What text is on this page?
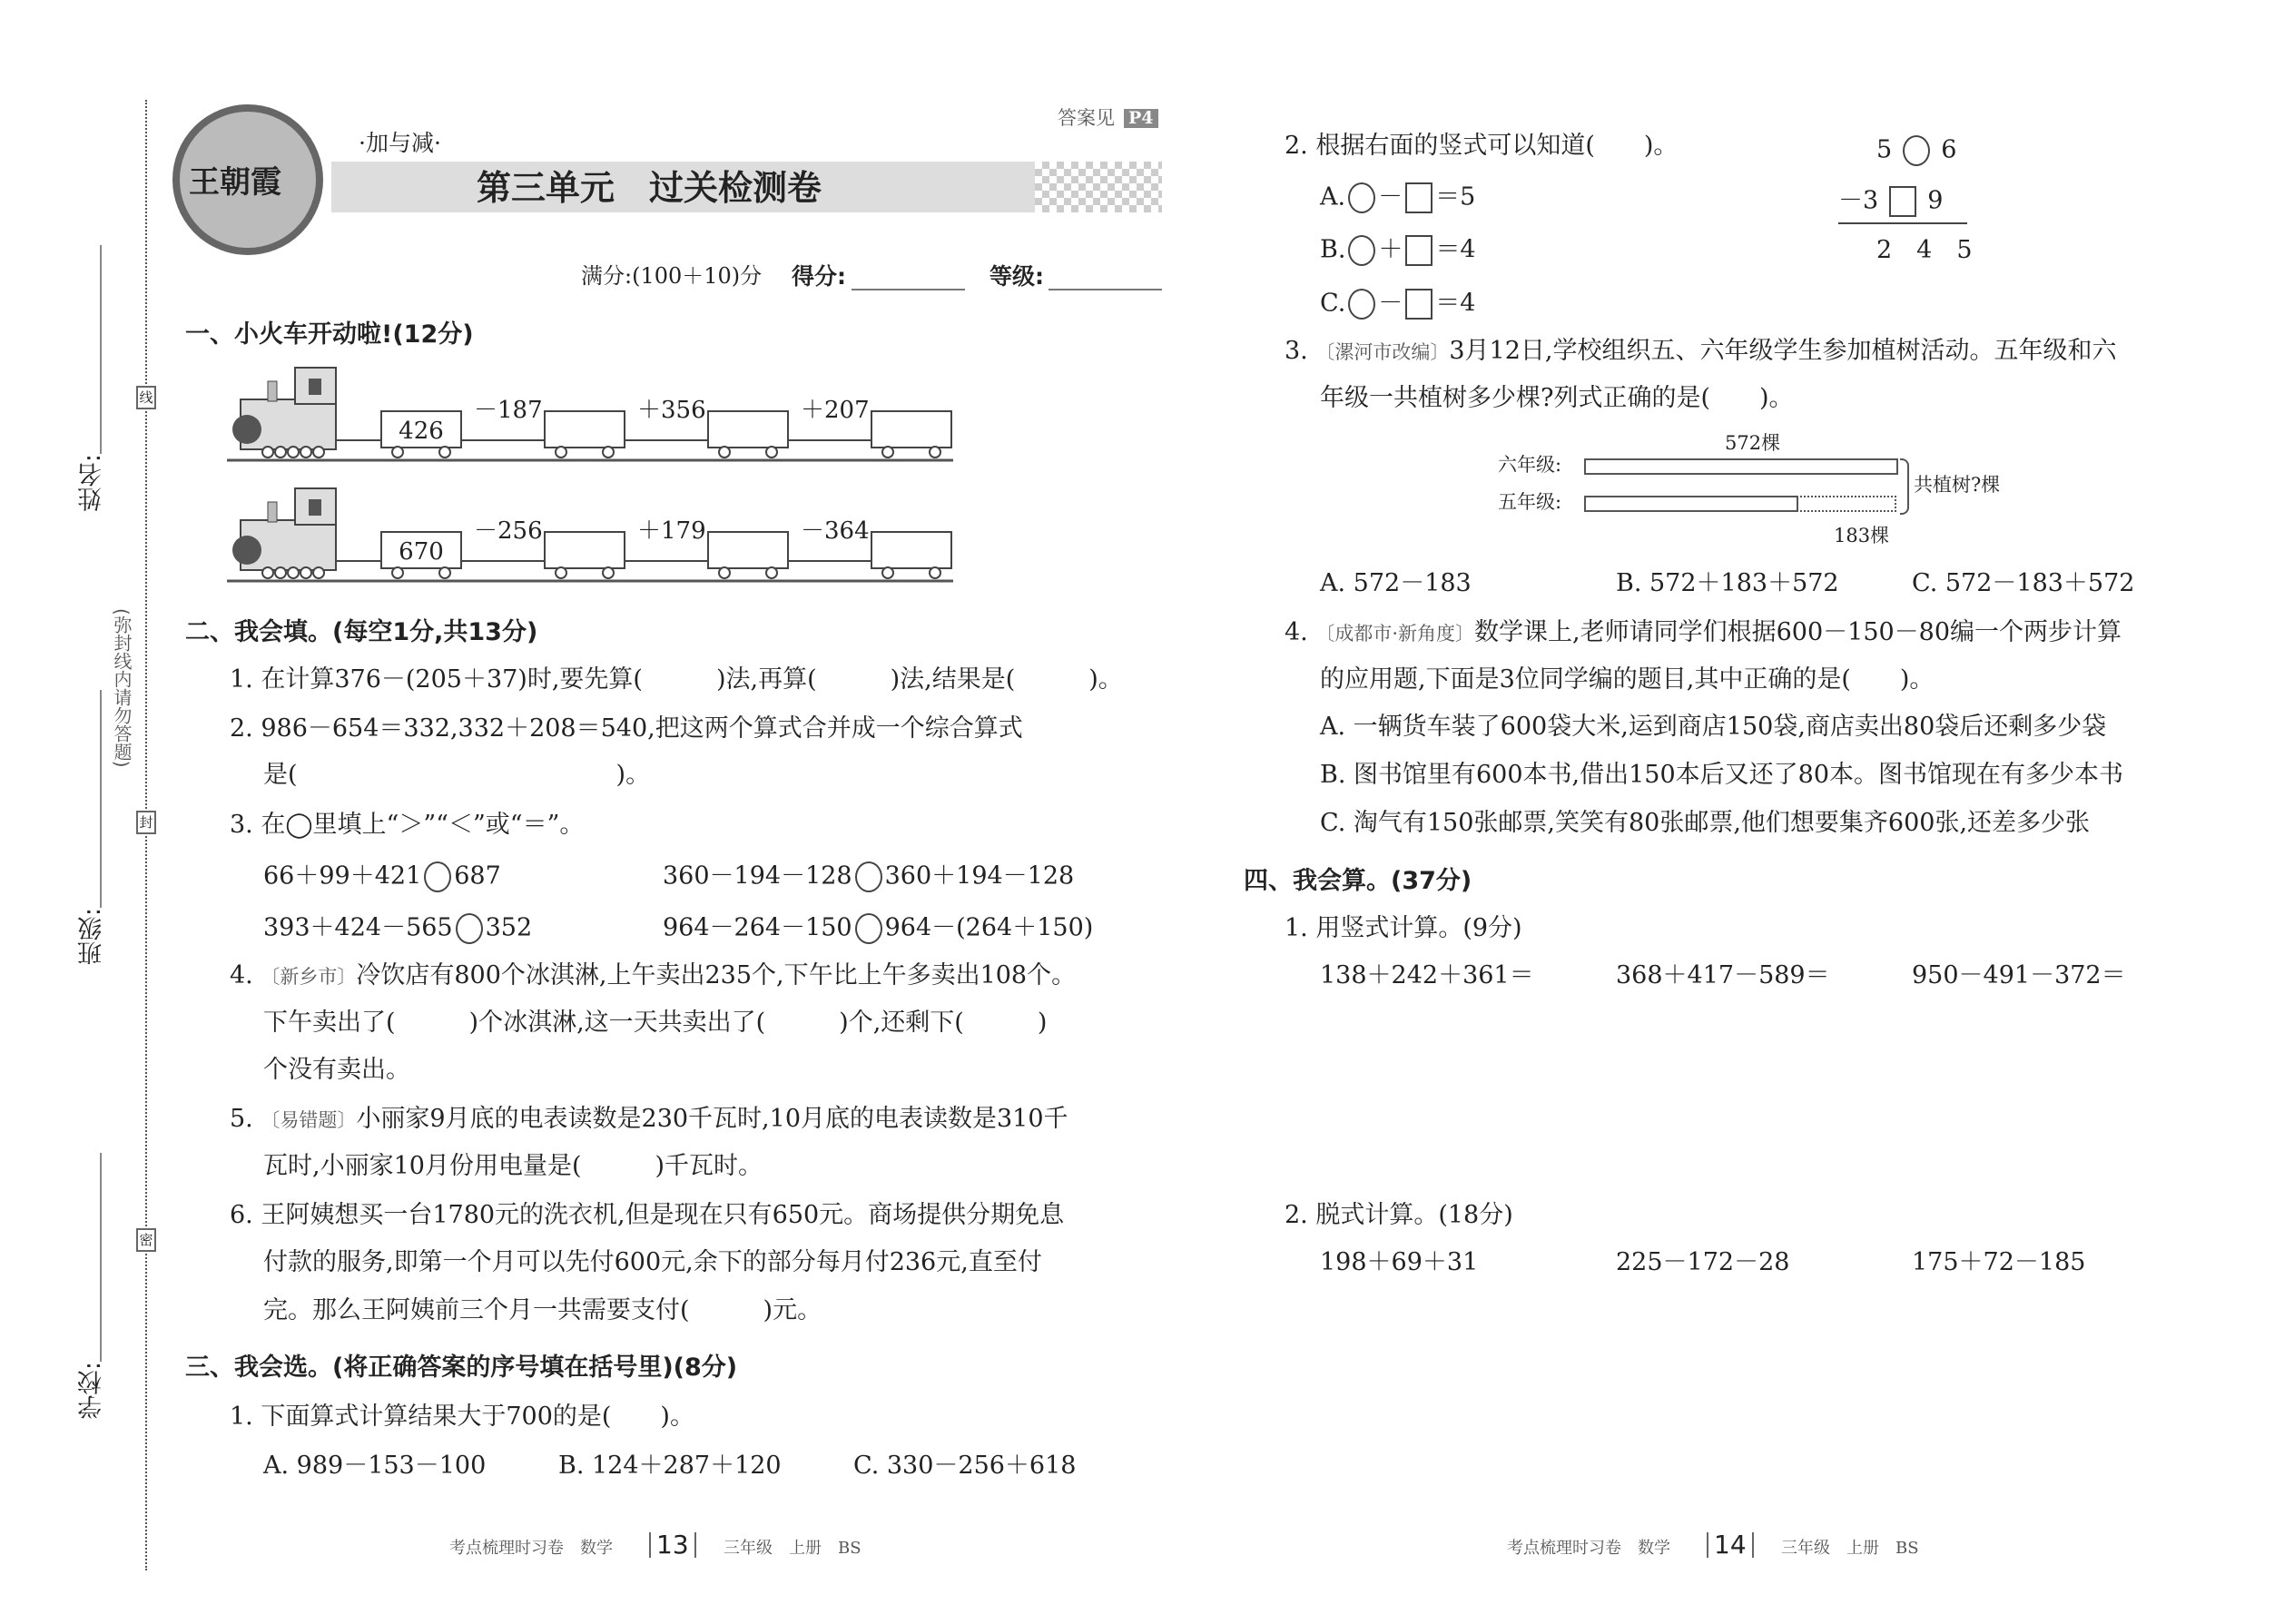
线
封
密
(弥封线内请勿答题)
姓名:
班级:
学校:
王朝霞
·加与减·
第三单元　过关检测卷
答案见 P4
满分:(100＋10)分 得分:	等级:
一、小火车开动啦!(12分)
－187	＋356	＋207
426
－256	＋179	－364
670
二、我会填。(每空1分,共13分)
1. 在计算376－(205＋37)时,要先算(　　　)法,再算(　　　)法,结果是(　　　)。
2. 986－654＝332,332＋208＝540,把这两个算式合并成一个综合算式
是(　　　　　　　　　　　　　)。
3. 在◯里填上“＞”“＜”或“＝”。
66＋99＋421 687	360－194－128 360＋194－128
393＋424－565 352	964－264－150 964－(264＋150)
4. 〔新乡市〕冷饮店有800个冰淇淋,上午卖出235个,下午比上午多卖出108个。
下午卖出了(　　　)个冰淇淋,这一天共卖出了(　　　)个,还剩下(　　　)
个没有卖出。
5. 〔易错题〕小丽家9月底的电表读数是230千瓦时,10月底的电表读数是310千
瓦时,小丽家10月份用电量是(　　　)千瓦时。
6. 王阿姨想买一台1780元的洗衣机,但是现在只有650元。商场提供分期免息
付款的服务,即第一个月可以先付600元,余下的部分每月付236元,直至付
完。那么王阿姨前三个月一共需要支付(　　　)元。
三、我会选。(将正确答案的序号填在括号里)(8分)
1. 下面算式计算结果大于700的是(　　)。
A. 989－153－100	B. 124＋287＋120	C. 330－256＋618
考点梳理时习卷　数学 13	三年级　上册　BS
2. 根据右面的竖式可以知道(　　)。
A. － ＝5
B. ＋ ＝4
C. － ＝4
5 6
－3 9
2　4　5
3. 〔漯河市改编〕3月12日,学校组织五、六年级学生参加植树活动。五年级和六
年级一共植树多少棵?列式正确的是(　　)。
572棵
六年级:
五年级:
共植树?棵
183棵
A. 572－183	B. 572＋183＋572	C. 572－183＋572
4. 〔成都市·新角度〕数学课上,老师请同学们根据600－150－80编一个两步计算
的应用题,下面是3位同学编的题目,其中正确的是(　　)。
A. 一辆货车装了600袋大米,运到商店150袋,商店卖出80袋后还剩多少袋
B. 图书馆里有600本书,借出150本后又还了80本。图书馆现在有多少本书
C. 淘气有150张邮票,笑笑有80张邮票,他们想要集齐600张,还差多少张
四、我会算。(37分)
1. 用竖式计算。(9分)
138＋242＋361＝	368＋417－589＝	950－491－372＝
2. 脱式计算。(18分)
198＋69＋31	225－172－28	175＋72－185
考点梳理时习卷　数学 14	三年级　上册　BS
